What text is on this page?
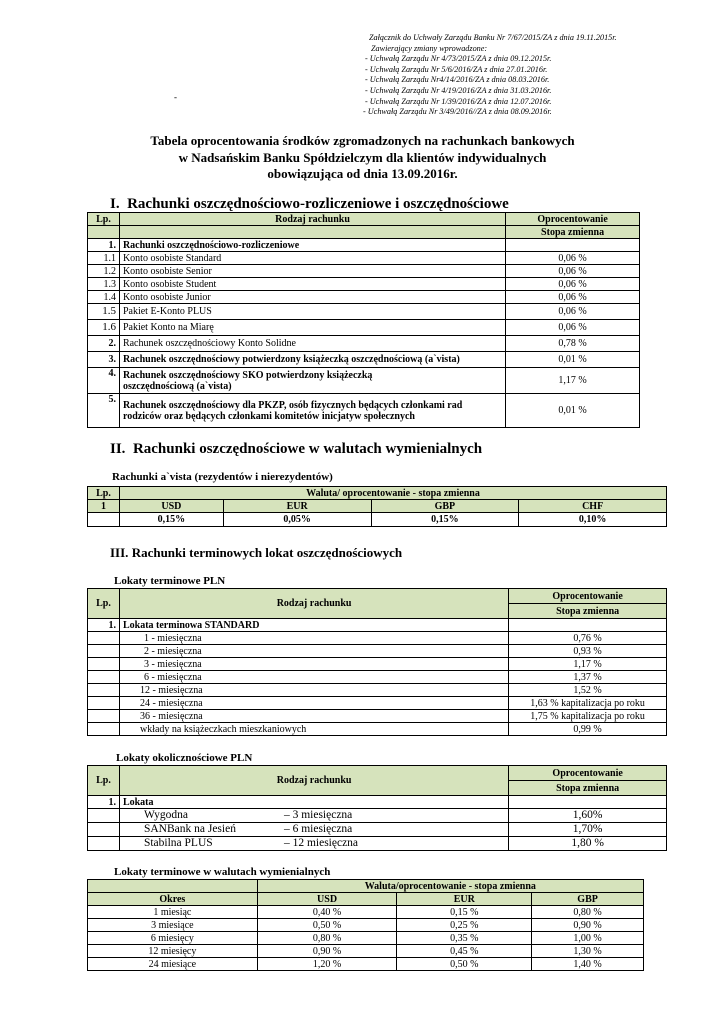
Załącznik do Uchwały Zarządu Banku Nr 7/67/2015/ZA z dnia 19.11.2015r.
Zawierający zmiany wprowadzone:
- Uchwałą Zarządu Nr 4/73/2015/ZA z dnia 09.12.2015r.
- Uchwałą Zarządu Nr 5/6/2016/ZA z dnia 27.01.2016r.
- Uchwałą Zarządu Nr4/14/2016/ZA z dnia 08.03.2016r.
- Uchwałą Zarządu Nr 4/19/2016/ZA z dnia 31.03.2016r.
- Uchwałą Zarządu Nr 1/39/2016/ZA z dnia 12.07.2016r.
- Uchwałą Zarządu Nr 3/49/2016//ZA z dnia 08.09.2016r.
-
Tabela oprocentowania środków zgromadzonych na rachunkach bankowych
w Nadsańskim Banku Spółdzielczym dla klientów indywidualnych
obowiązująca od dnia 13.09.2016r.
I. Rachunki oszczędnościowo-rozliczeniowe i oszczędnościowe
Lp.	Rodzaj rachunku	Oprocentowanie
		Stopa zmienna
1.	Rachunki oszczędnościowo-rozliczeniowe	
1.1	Konto osobiste Standard	0,06 %
1.2	Konto osobiste Senior	0,06 %
1.3	Konto osobiste Student	0,06 %
1.4	Konto osobiste Junior	0,06 %
1.5	Pakiet E-Konto PLUS	0,06 %
1.6	Pakiet Konto na Miarę	0,06 %
2.	Rachunek oszczędnościowy Konto Solidne	0,78 %
3.	Rachunek oszczędnościowy potwierdzony książeczką oszczędnościową (a`vista)	0,01 %
4.	Rachunek oszczędnościowy SKO potwierdzony książeczką oszczędnościową (a`vista)	1,17 %
5.	Rachunek oszczędnościowy dla PKZP, osób fizycznych będących członkami rad rodziców oraz będących członkami komitetów inicjatyw społecznych	0,01 %
II. Rachunki oszczędnościowe w walutach wymienialnych
Rachunki a`vista (rezydentów i nierezydentów)
Lp.	Waluta/ oprocentowanie - stopa zmienna			
1	USD	EUR	GBP	CHF
	0,15%	0,05%	0,15%	0,10%
III. Rachunki terminowych lokat oszczędnościowych
Lokaty terminowe PLN
Lp.	Rodzaj rachunku	Oprocentowanie
		Stopa zmienna
1.	Lokata terminowa STANDARD	
	1 - miesięczna	0,76 %
	2 - miesięczna	0,93 %
	3 - miesięczna	1,17 %
	6 - miesięczna	1,37 %
	12 - miesięczna	1,52 %
	24 - miesięczna	1,63 % kapitalizacja po roku
	36 - miesięczna	1,75 % kapitalizacja po roku
	wkłady na książeczkach mieszkaniowych	0,99 %
Lokaty okolicznościowe PLN
Lp.	Rodzaj rachunku	Oprocentowanie
		Stopa zmienna
1.	Lokata	
	Wygodna – 3 miesięczna	1,60%
	SANBank na Jesień – 6 miesięczna	1,70%
	Stabilna PLUS – 12 miesięczna	1,80 %
Lokaty terminowe w walutach wymienialnych
	Waluta/oprocentowanie - stopa zmienna		
Okres	USD	EUR	GBP
1 miesiąc	0,40 %	0,15 %	0,80 %
3 miesiące	0,50 %	0,25 %	0,90 %
6 miesięcy	0,80 %	0,35 %	1,00 %
12 miesięcy	0,90 %	0,45 %	1,30 %
24 miesiące	1,20 %	0,50 %	1,40 %
